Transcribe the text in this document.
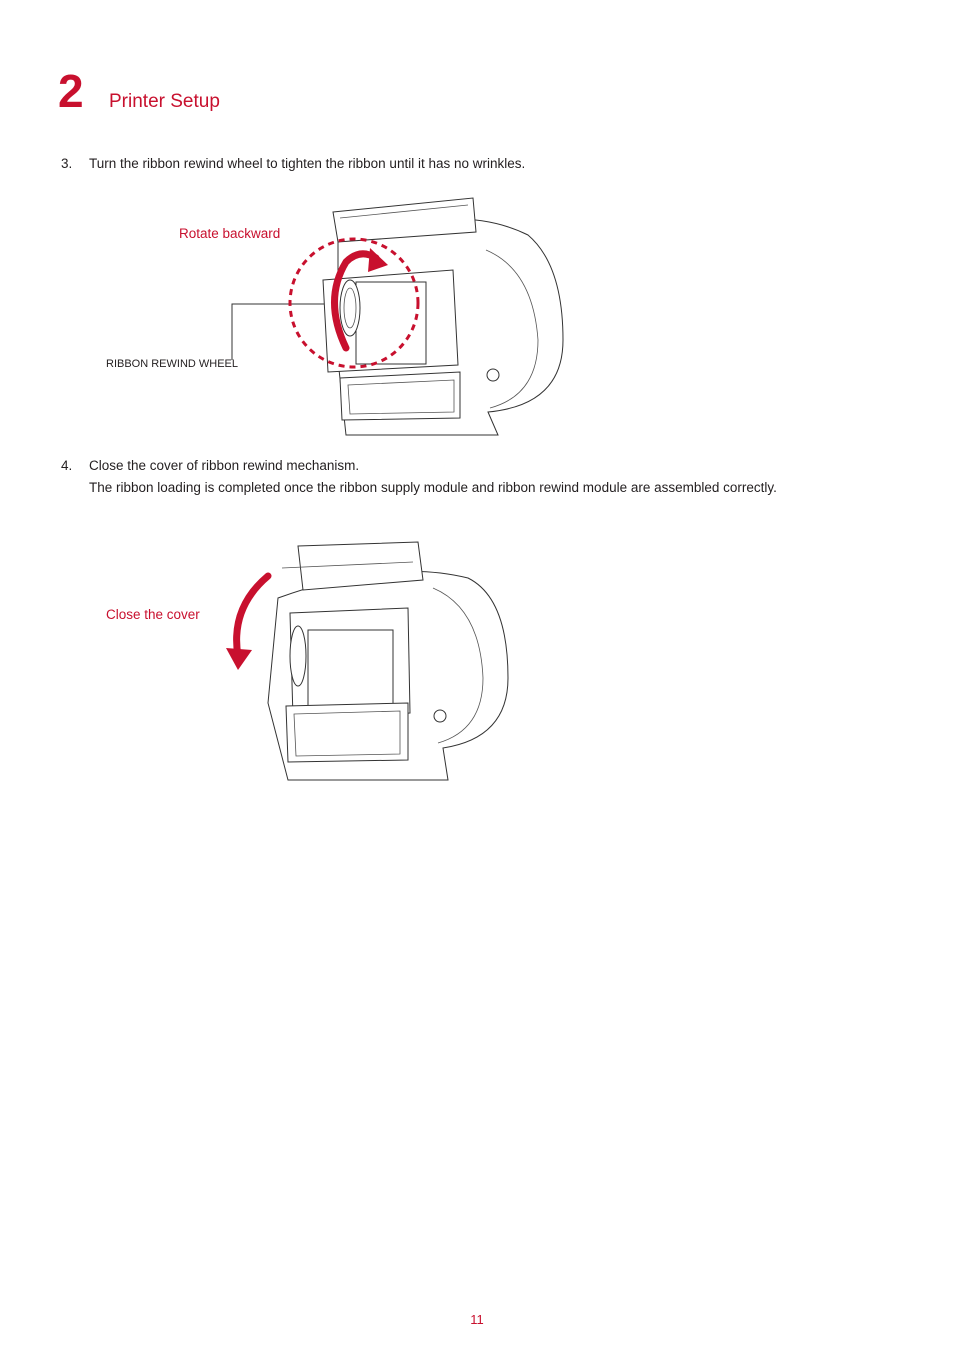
2 Printer Setup
3. Turn the ribbon rewind wheel to tighten the ribbon until it has no wrinkles.
Rotate backward
RIBBON REWIND WHEEL
4. Close the cover of ribbon rewind mechanism.
The ribbon loading is completed once the ribbon supply module and ribbon rewind module are assembled correctly.
Close the cover
11
